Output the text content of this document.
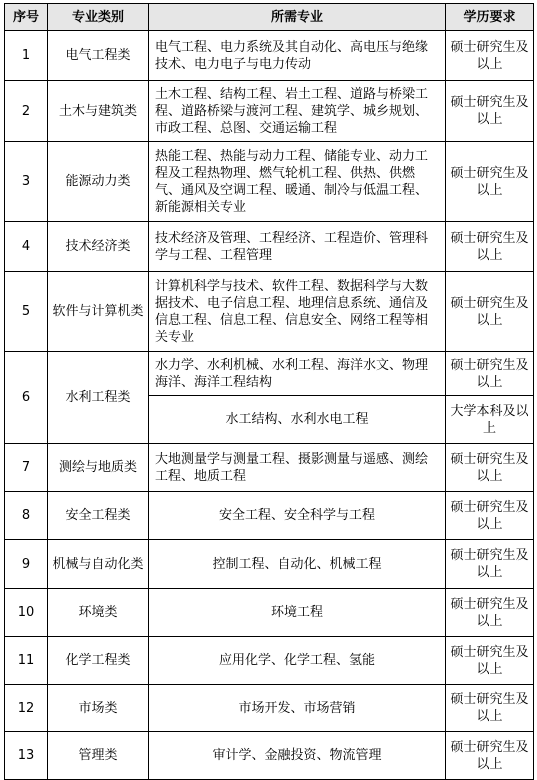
序号	专业类别	所需专业	学历要求
1	电气工程类	电气工程、电力系统及其自动化、高电压与绝缘技术、电力电子与电力传动	硕士研究生及以上
2	土木与建筑类	土木工程、结构工程、岩土工程、道路与桥梁工程、道路桥梁与渡河工程、建筑学、城乡规划、市政工程、总图、交通运输工程	硕士研究生及以上
3	能源动力类	热能工程、热能与动力工程、储能专业、动力工程及工程热物理、燃气轮机工程、供热、供燃气、通风及空调工程、暖通、制冷与低温工程、新能源相关专业	硕士研究生及以上
4	技术经济类	技术经济及管理、工程经济、工程造价、管理科学与工程、工程管理	硕士研究生及以上
5	软件与计算机类	计算机科学与技术、软件工程、数据科学与大数据技术、电子信息工程、地理信息系统、通信及信息工程、信息工程、信息安全、网络工程等相关专业	硕士研究生及以上
6	水利工程类	水力学、水利机械、水利工程、海洋水文、物理海洋、海洋工程结构	硕士研究生及以上
		水工结构、水利水电工程	大学本科及以上
7	测绘与地质类	大地测量学与测量工程、摄影测量与遥感、测绘工程、地质工程	硕士研究生及以上
8	安全工程类	安全工程、安全科学与工程	硕士研究生及以上
9	机械与自动化类	控制工程、自动化、机械工程	硕士研究生及以上
10	环境类	环境工程	硕士研究生及以上
11	化学工程类	应用化学、化学工程、氢能	硕士研究生及以上
12	市场类	市场开发、市场营销	硕士研究生及以上
13	管理类	审计学、金融投资、物流管理	硕士研究生及以上
